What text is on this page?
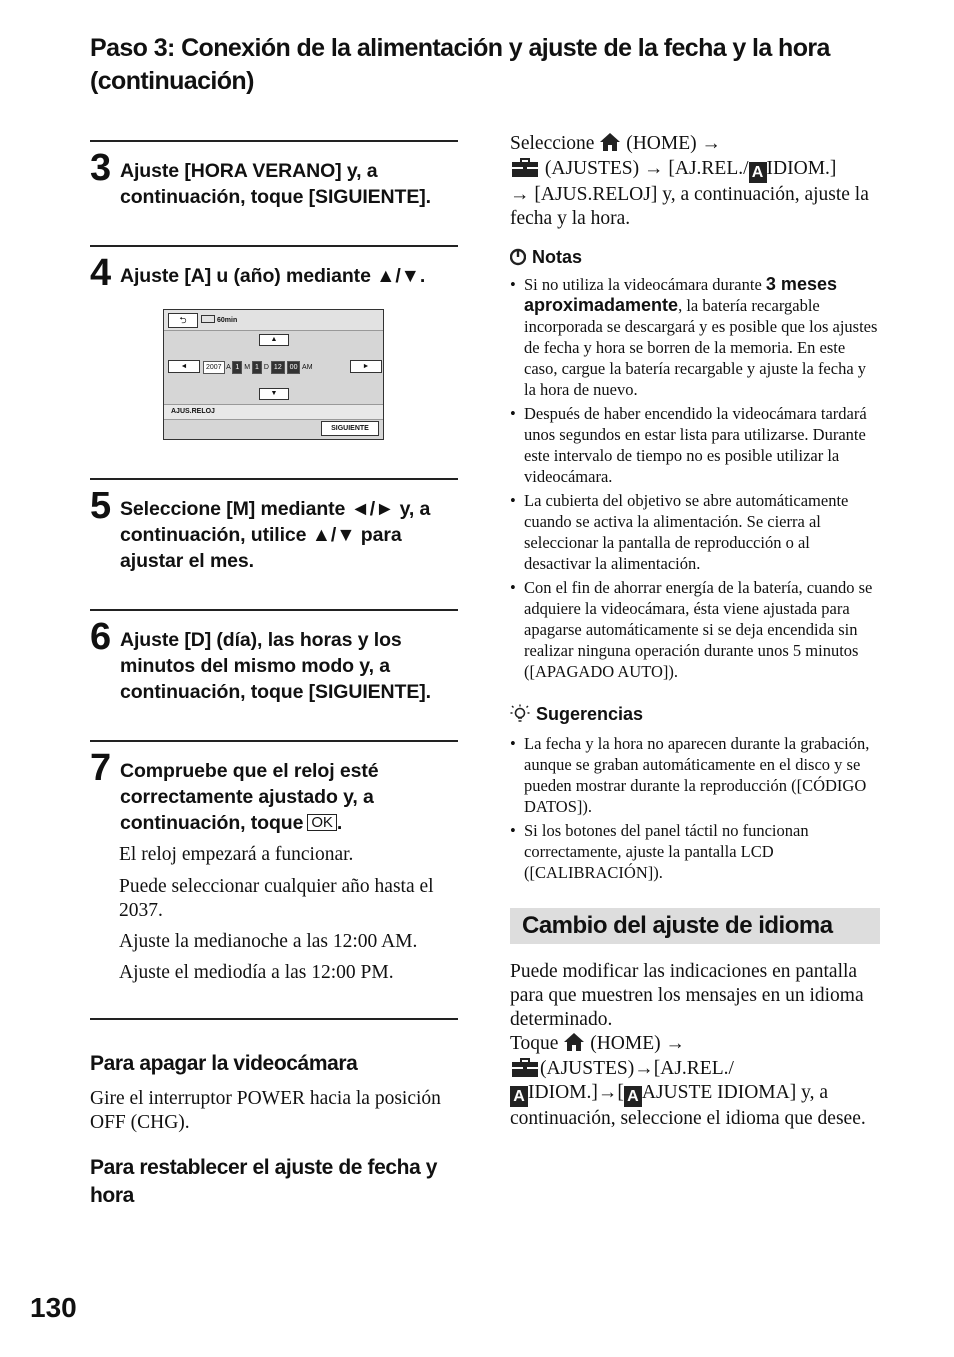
Paso 3: Conexión de la alimentación y ajuste de la fecha y la hora (continuación)
3 Ajuste [HORA VERANO] y, a continuación, toque [SIGUIENTE].
4 Ajuste [A] u (año) mediante ▲/▼.
⮌	60min
▲
◄	►
2007 A 1 M 1 D 12 00 AM
▼
AJUS.RELOJ
SIGUIENTE
5 Seleccione [M] mediante ◄/► y, a continuación, utilice ▲/▼ para ajustar el mes.
6 Ajuste [D] (día), las horas y los minutos del mismo modo y, a continuación, toque [SIGUIENTE].
7 Compruebe que el reloj esté correctamente ajustado y, a continuación, toque OK .
El reloj empezará a funcionar.
Puede seleccionar cualquier año hasta el 2037.
Ajuste la medianoche a las 12:00 AM.
Ajuste el mediodía a las 12:00 PM.
Para apagar la videocámara
Gire el interruptor POWER hacia la posición OFF (CHG).
Para restablecer el ajuste de fecha y hora
Seleccione (HOME) →
(AJUSTES) → [AJ.REL./ A IDIOM.]
→ [AJUS.RELOJ] y, a continuación, ajuste la fecha y la hora.
Notas
• Si no utiliza la videocámara durante 3 meses aproximadamente, la batería recargable incorporada se descargará y es posible que los ajustes de fecha y hora se borren de la memoria. En este caso, cargue la batería recargable y ajuste la fecha y la hora de nuevo.
• Después de haber encendido la videocámara tardará unos segundos en estar lista para utilizarse. Durante este intervalo de tiempo no es posible utilizar la videocámara.
• La cubierta del objetivo se abre automáticamente cuando se activa la alimentación. Se cierra al seleccionar la pantalla de reproducción o al desactivar la alimentación.
• Con el fin de ahorrar energía de la batería, cuando se adquiere la videocámara, ésta viene ajustada para apagarse automáticamente si se deja encendida sin realizar ninguna operación durante unos 5 minutos ([APAGADO AUTO]).
Sugerencias
• La fecha y la hora no aparecen durante la grabación, aunque se graban automáticamente en el disco y se pueden mostrar durante la reproducción ([CÓDIGO DATOS]).
• Si los botones del panel táctil no funcionan correctamente, ajuste la pantalla LCD ([CALIBRACIÓN]).
Cambio del ajuste de idioma
Puede modificar las indicaciones en pantalla para que muestren los mensajes en un idioma determinado.
Toque (HOME) →
(AJUSTES)→[AJ.REL./
A IDIOM.]→[ A AJUSTE IDIOMA] y, a continuación, seleccione el idioma que desee.
130
